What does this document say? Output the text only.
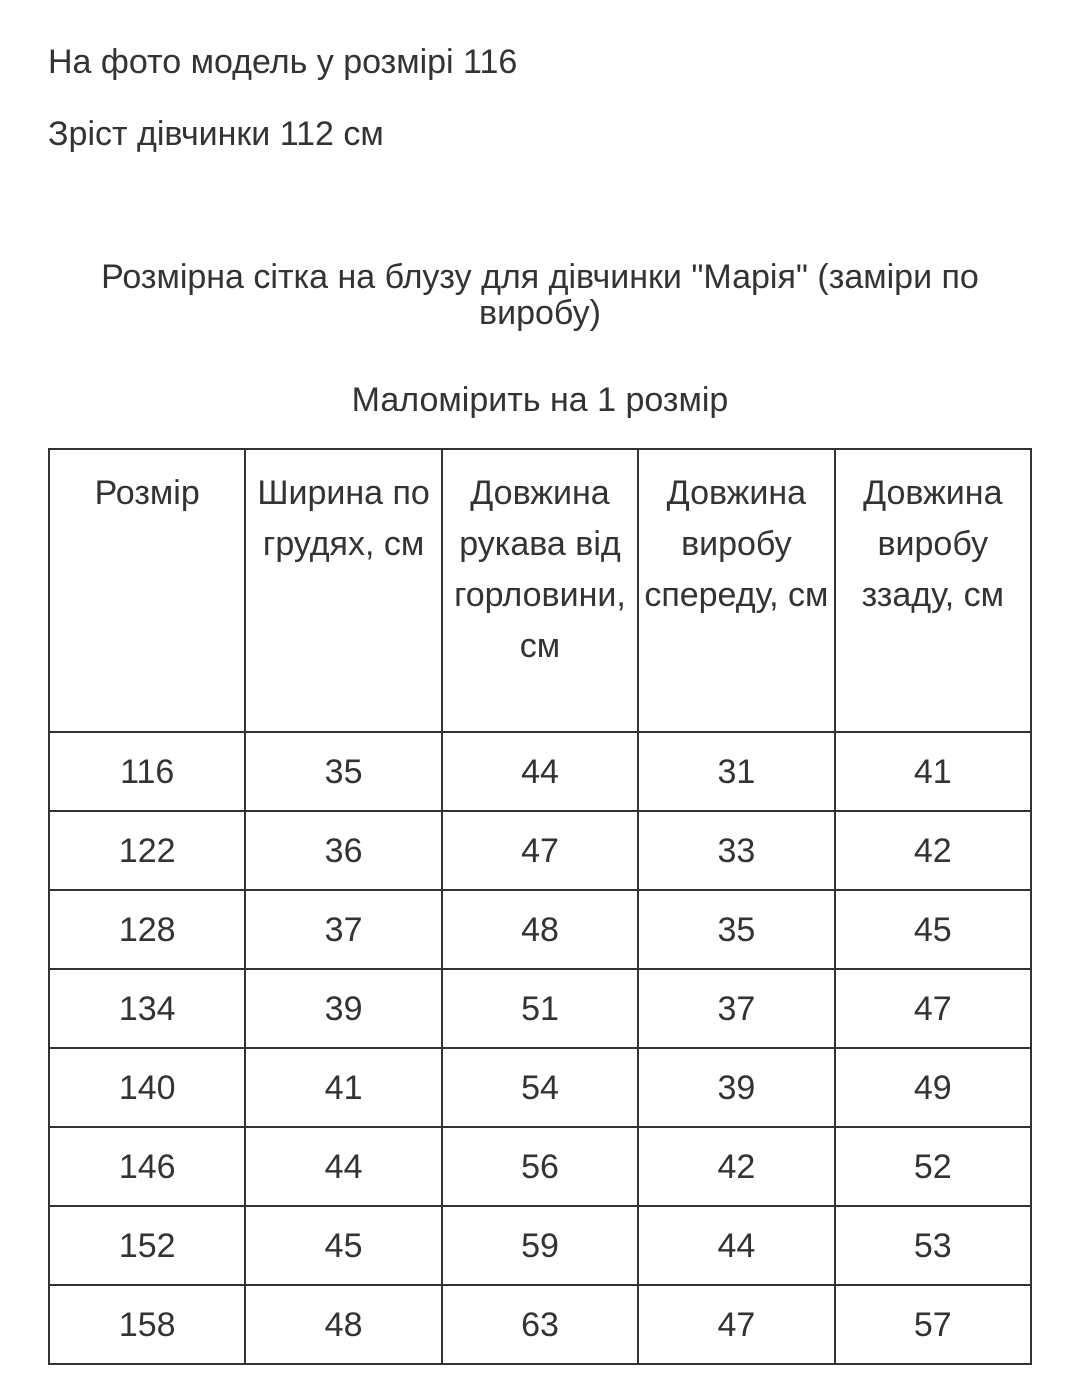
На фото модель у розмірі 116

Зріст дівчинки 112 см

Розмірна сітка на блузу для дівчинки "Марія" (заміри по виробу)
Маломірить на 1 розмір
Розмір	Ширина по грудях, см	Довжина рукава від горловини, см	Довжина виробу спереду, см	Довжина виробу ззаду, см
116	35	44	31	41
122	36	47	33	42
128	37	48	35	45
134	39	51	37	47
140	41	54	39	49
146	44	56	42	52
152	45	59	44	53
158	48	63	47	57
